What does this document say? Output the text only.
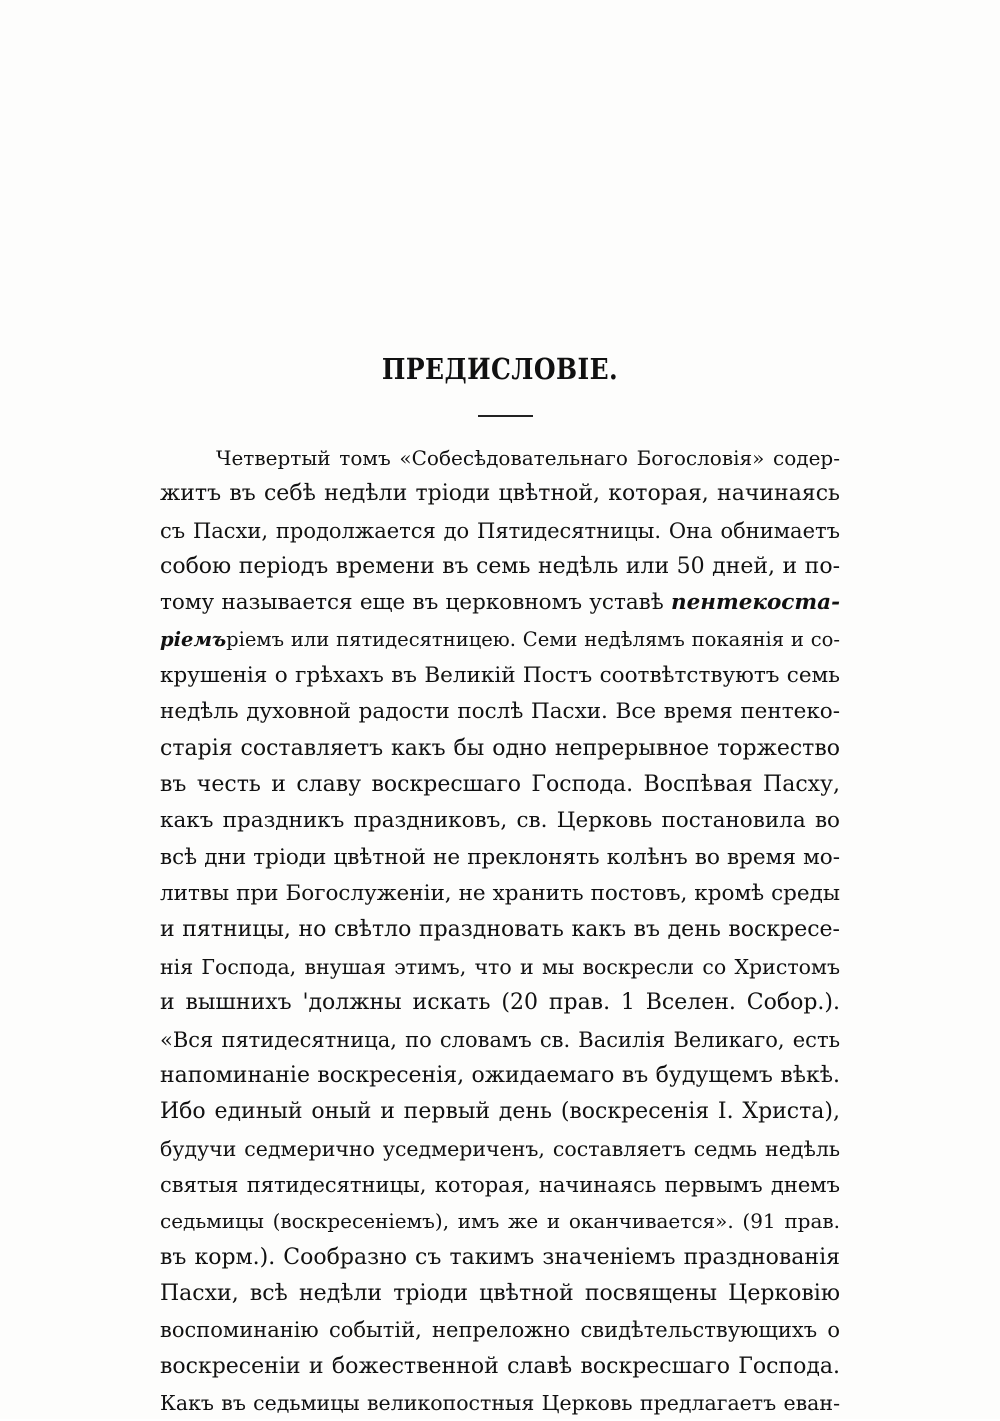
ПРЕДИСЛОВІЕ.
Четвертый томъ «Собесѣдовательнаго Богословія» содер-
житъ въ себѣ недѣли тріоди цвѣтной, которая, начинаясь
съ Пасхи, продолжается до Пятидесятницы. Она обнимаетъ
собою періодъ времени въ семь недѣль или 50 дней, и по-
тому называется еще въ церковномъ уставѣ пентекоста-
ріемъріемъ или пятидесятницею. Семи недѣлямъ покаянія и со-
крушенія о грѣхахъ въ Великій Постъ соотвѣтствуютъ семь
недѣль духовной радости послѣ Пасхи. Все время пентеко-
старія составляетъ какъ бы одно непрерывное торжество
въ честь и славу воскресшаго Господа. Воспѣвая Пасху,
какъ праздникъ праздниковъ, св. Церковь постановила во
всѣ дни тріоди цвѣтной не преклонять колѣнъ во время мо-
литвы при Богослуженіи, не хранить постовъ, кромѣ среды
и пятницы, но свѣтло праздновать какъ въ день воскресе-
нія Господа, внушая этимъ, что и мы воскресли со Христомъ
и вышнихъ 'должны искать (20 прав. 1 Вселен. Собор.).
«Вся пятидесятница, по словамъ св. Василія Великаго, есть
напоминаніе воскресенія, ожидаемаго въ будущемъ вѣкѣ.
Ибо единый оный и первый день (воскресенія І. Христа),
будучи седмерично уседмериченъ, составляетъ седмь недѣль
святыя пятидесятницы, которая, начинаясь первымъ днемъ
седьмицы (воскресеніемъ), имъ же и оканчивается». (91 прав.
въ корм.). Сообразно съ такимъ значеніемъ празднованія
Пасхи, всѣ недѣли тріоди цвѣтной посвящены Церковію
воспоминанію событій, непреложно свидѣтельствующихъ о
воскресеніи и божественной славѣ воскресшаго Господа.
Какъ въ седьмицы великопостныя Церковь предлагаетъ еван-
